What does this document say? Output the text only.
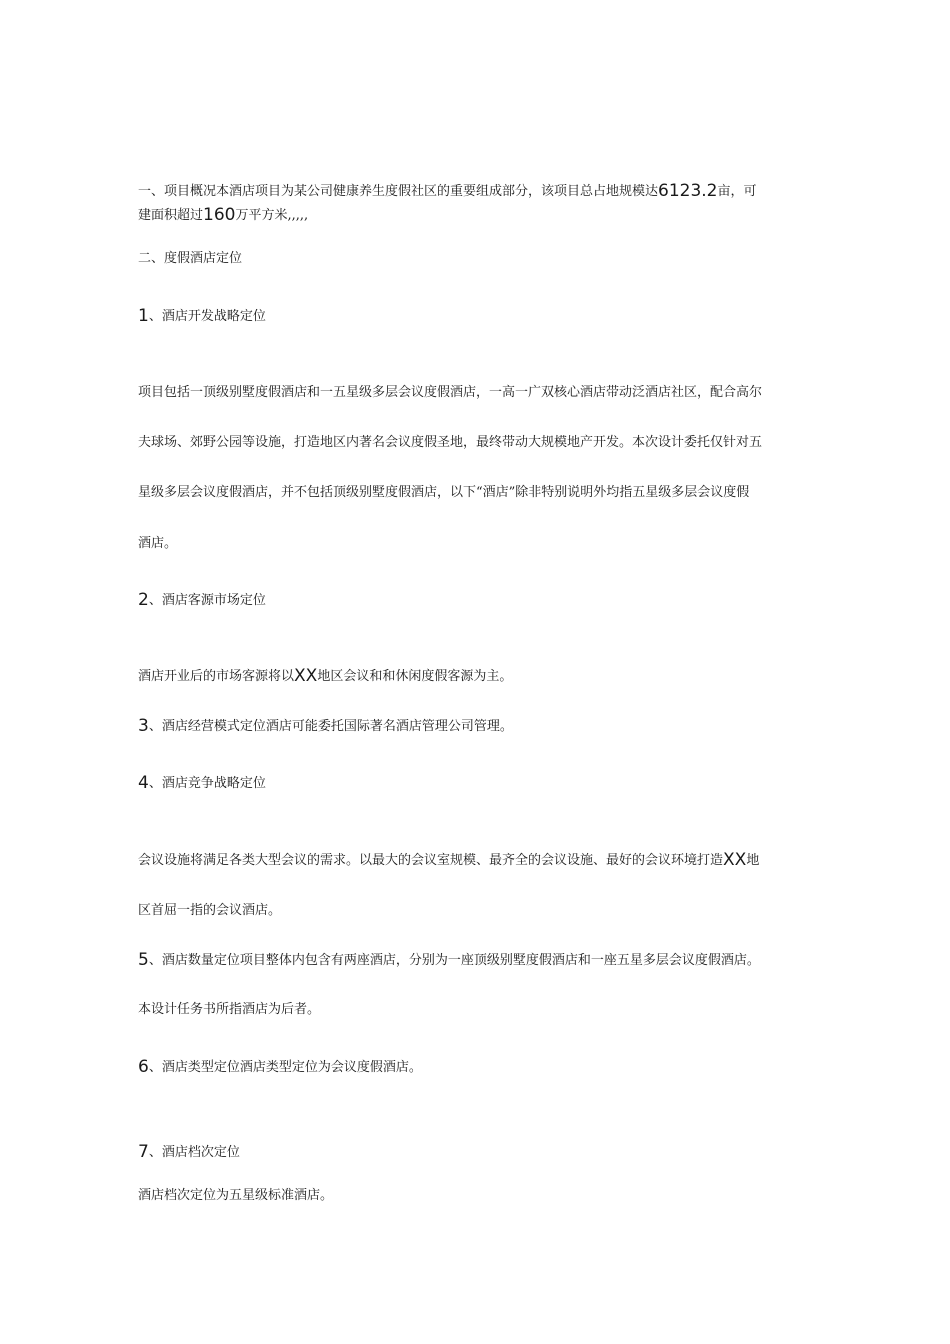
一、项目概况本酒店项目为某公司健康养生度假社区的重要组成部分，该项目总占地规模达6123.2亩，可
建面积超过160万平方米,,,,,
二、度假酒店定位
1、酒店开发战略定位
项目包括一顶级别墅度假酒店和一五星级多层会议度假酒店，一高一广双核心酒店带动泛酒店社区，配合高尔
夫球场、郊野公园等设施，打造地区内著名会议度假圣地，最终带动大规模地产开发。本次设计委托仅针对五
星级多层会议度假酒店，并不包括顶级别墅度假酒店，以下“酒店”除非特别说明外均指五星级多层会议度假
酒店。
2、酒店客源市场定位
酒店开业后的市场客源将以XX地区会议和和休闲度假客源为主。
3、酒店经营模式定位酒店可能委托国际著名酒店管理公司管理。
4、酒店竞争战略定位
会议设施将满足各类大型会议的需求。以最大的会议室规模、最齐全的会议设施、最好的会议环境打造XX地
区首屈一指的会议酒店。
5、酒店数量定位项目整体内包含有两座酒店，分别为一座顶级别墅度假酒店和一座五星多层会议度假酒店。
本设计任务书所指酒店为后者。
6、酒店类型定位酒店类型定位为会议度假酒店。
7、酒店档次定位
酒店档次定位为五星级标准酒店。
